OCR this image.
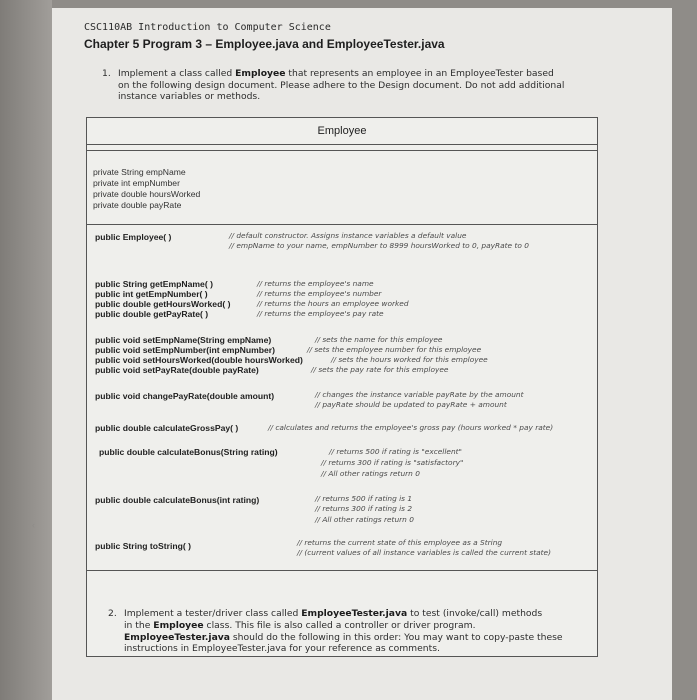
CSC110AB Introduction to Computer Science
Chapter 5 Program 3 – Employee.java and EmployeeTester.java
1. Implement a class called Employee that represents an employee in an EmployeeTester based
on the following design document. Please adhere to the Design document. Do not add additional
instance variables or methods.
Employee
private String empName
private int empNumber
private double hoursWorked
private double payRate
public Employee( )	// default constructor. Assigns instance variables a default value
// empName to your name, empNumber to 8999 hoursWorked to 0, payRate to 0
public String getEmpName( )	// returns the employee's name
public int getEmpNumber( )	// returns the employee's number
public double getHoursWorked( )	// returns the hours an employee worked
public double getPayRate( )	// returns the employee's pay rate
public void setEmpName(String empName)	// sets the name for this employee
public void setEmpNumber(int empNumber)	// sets the employee number for this employee
public void setHoursWorked(double hoursWorked)	// sets the hours worked for this employee
public void setPayRate(double payRate)	// sets the pay rate for this employee
public void changePayRate(double amount)	// changes the instance variable payRate by the amount
// payRate should be updated to payRate + amount
public double calculateGrossPay( )	// calculates and returns the employee's gross pay (hours worked * pay rate)
public double calculateBonus(String rating)	// returns 500 if rating is "excellent"
// returns 300 if rating is "satisfactory"
// All other ratings return 0
public double calculateBonus(int rating)	// returns 500 if rating is 1
// returns 300 if rating is 2
// All other ratings return 0
public String toString( )	// returns the current state of this employee as a String
// (current values of all instance variables is called the current state)
2. Implement a tester/driver class called EmployeeTester.java to test (invoke/call) methods
in the Employee class. This file is also called a controller or driver program.
EmployeeTester.java should do the following in this order: You may want to copy-paste these
instructions in EmployeeTester.java for your reference as comments.
‹
